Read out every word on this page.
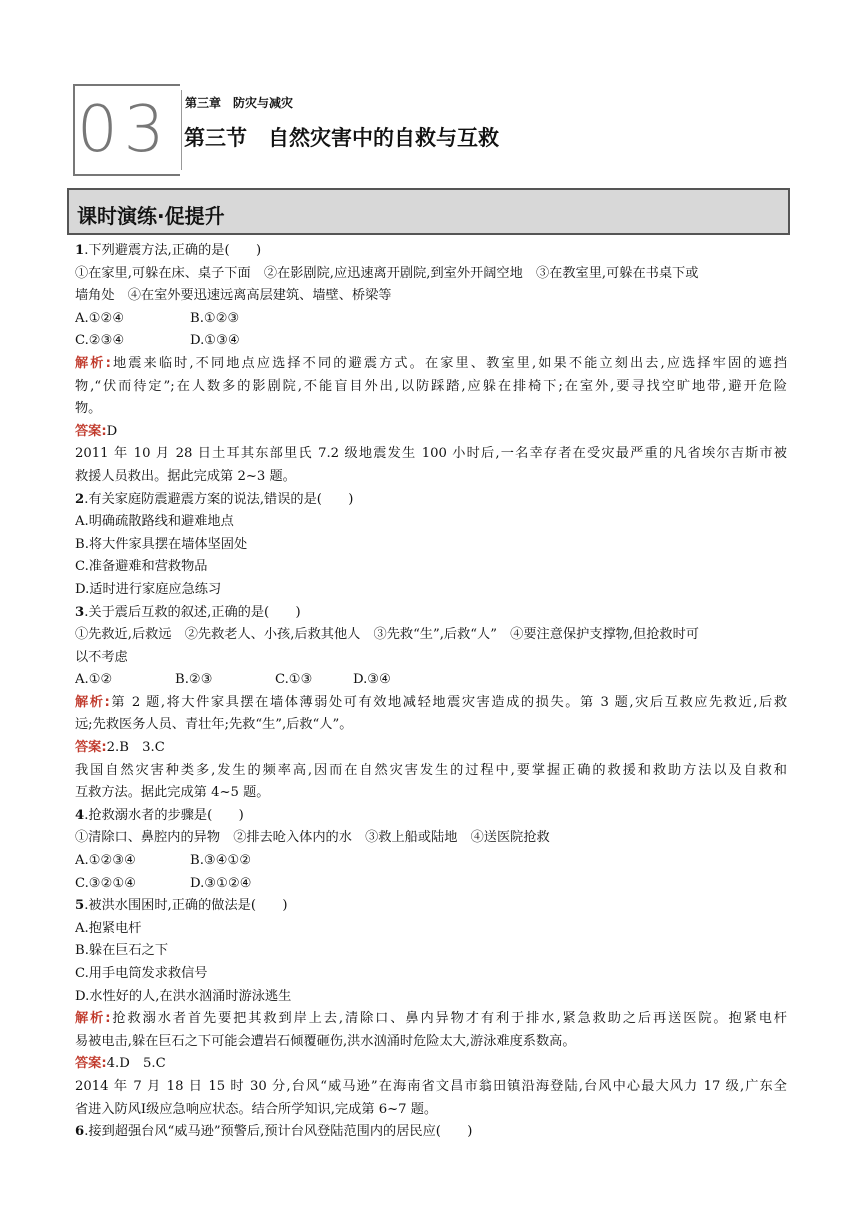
03 第三章　防灾与减灾
第三节　自然灾害中的自救与互救
课时演练·促提升
1.下列避震方法,正确的是(　　)
①在家里,可躲在床、桌子下面　②在影剧院,应迅速离开剧院,到室外开阔空地　③在教室里,可躲在书桌下或
墙角处　④在室外要迅速远离高层建筑、墙壁、桥梁等
A.①②④	B.①②③
C.②③④	D.①③④
解析:地震来临时,不同地点应选择不同的避震方式。在家里、教室里,如果不能立刻出去,应选择牢固的遮挡
物,“伏而待定”;在人数多的影剧院,不能盲目外出,以防踩踏,应躲在排椅下;在室外,要寻找空旷地带,避开危险
物。
答案:D
2011 年 10 月 28 日土耳其东部里氏 7.2 级地震发生 100 小时后,一名幸存者在受灾最严重的凡省埃尔吉斯市被
救援人员救出。据此完成第 2~3 题。
2.有关家庭防震避震方案的说法,错误的是(　　)
A.明确疏散路线和避难地点
B.将大件家具摆在墙体坚固处
C.准备避难和营救物品
D.适时进行家庭应急练习
3.关于震后互救的叙述,正确的是(　　)
①先救近,后救远　②先救老人、小孩,后救其他人　③先救“生”,后救“人”　④要注意保护支撑物,但抢救时可
以不考虑
A.①②	B.②③	C.①③	D.③④
解析:第 2 题,将大件家具摆在墙体薄弱处可有效地减轻地震灾害造成的损失。第 3 题,灾后互救应先救近,后救
远;先救医务人员、青壮年;先救“生”,后救“人”。
答案:2.B　3.C
我国自然灾害种类多,发生的频率高,因而在自然灾害发生的过程中,要掌握正确的救援和救助方法以及自救和
互救方法。据此完成第 4~5 题。
4.抢救溺水者的步骤是(　　)
①清除口、鼻腔内的异物　②排去呛入体内的水　③救上船或陆地　④送医院抢救
A.①②③④	B.③④①②
C.③②①④	D.③①②④
5.被洪水围困时,正确的做法是(　　)
A.抱紧电杆
B.躲在巨石之下
C.用手电筒发求救信号
D.水性好的人,在洪水汹涌时游泳逃生
解析:抢救溺水者首先要把其救到岸上去,清除口、鼻内异物才有利于排水,紧急救助之后再送医院。抱紧电杆
易被电击,躲在巨石之下可能会遭岩石倾覆砸伤,洪水汹涌时危险太大,游泳难度系数高。
答案:4.D　5.C
2014 年 7 月 18 日 15 时 30 分,台风“威马逊”在海南省文昌市翁田镇沿海登陆,台风中心最大风力 17 级,广东全
省进入防风Ⅰ级应急响应状态。结合所学知识,完成第 6~7 题。
6.接到超强台风“威马逊”预警后,预计台风登陆范围内的居民应(　　)
